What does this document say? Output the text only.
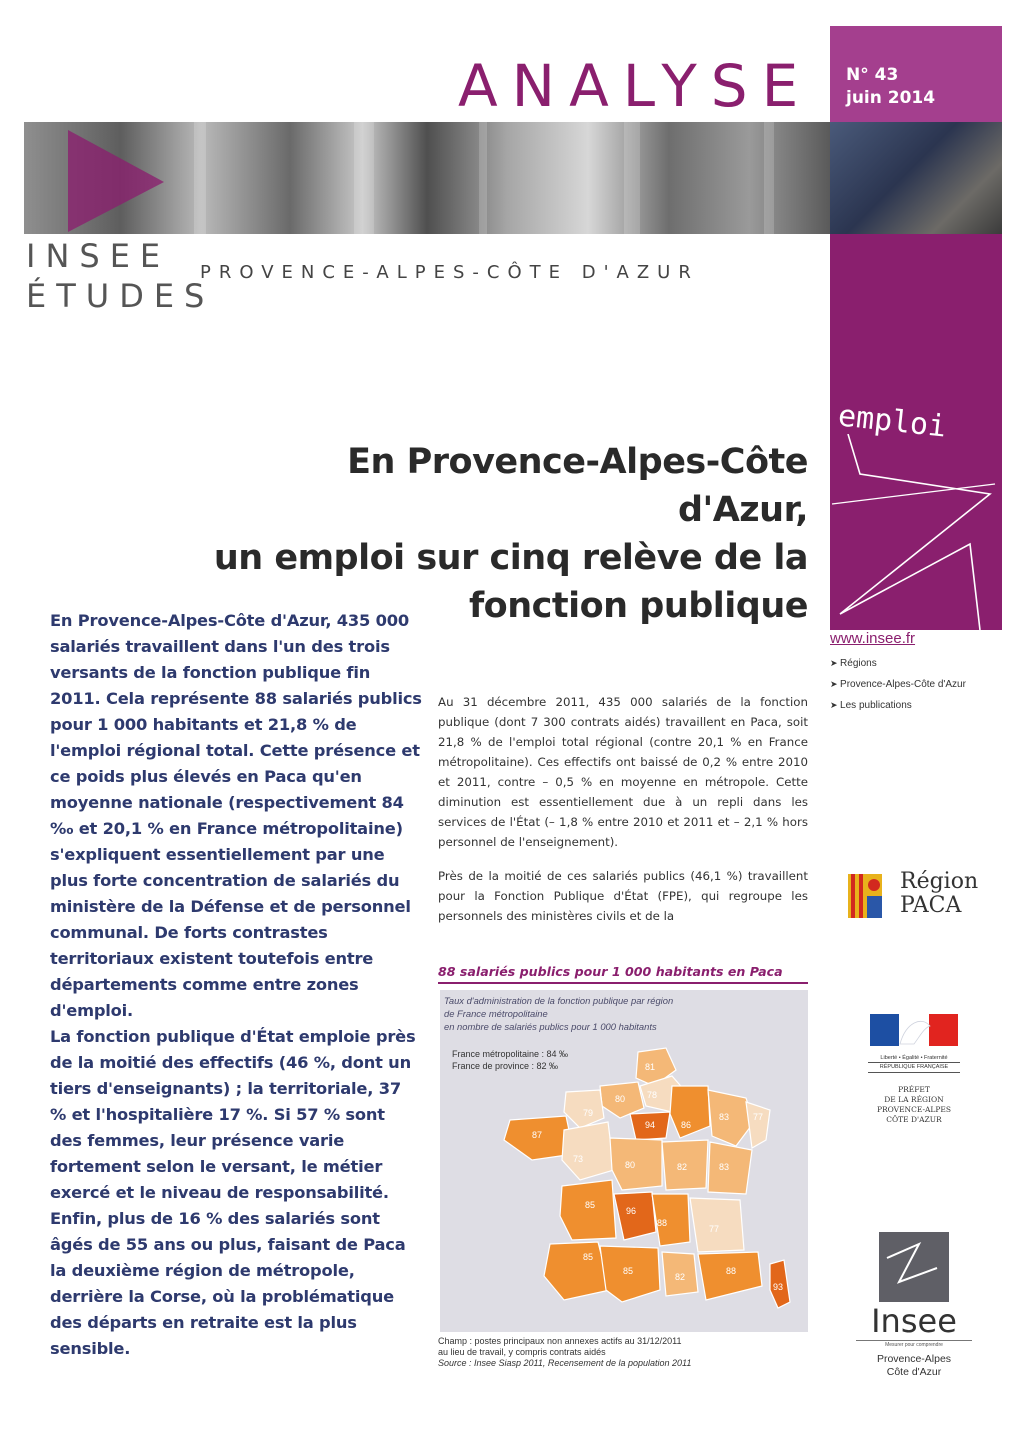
ANALYSE N° 43
juin 2014
INSEE
ÉTUDES
PROVENCE-ALPES-CÔTE D'AZUR
emploi
En Provence-Alpes-Côte d'Azur,
un emploi sur cinq relève de la
fonction publique
www.insee.fr
➤ Régions
➤ Provence-Alpes-Côte d'Azur
➤ Les publications

En Provence-Alpes-Côte d'Azur, 435 000 salariés travaillent dans l'un des trois versants de la fonction publique fin 2011. Cela représente 88 salariés publics pour 1 000 habitants et 21,8 % de l'emploi régional total. Cette présence et ce poids plus élevés en Paca qu'en moyenne nationale (respectivement 84 ‰ et 20,1 % en France métropolitaine) s'expliquent essentiellement par une plus forte concentration de salariés du ministère de la Défense et de personnel communal. De forts contrastes territoriaux existent toutefois entre départements comme entre zones d'emploi.

La fonction publique d'État emploie près de la moitié des effectifs (46 %, dont un tiers d'enseignants) ; la territoriale, 37 % et l'hospitalière 17 %. Si 57 % sont des femmes, leur présence varie fortement selon le versant, le métier exercé et le niveau de responsabilité. Enfin, plus de 16 % des salariés sont âgés de 55 ans ou plus, faisant de Paca la deuxième région de métropole, derrière la Corse, où la problématique des départs en retraite est la plus sensible.

Au 31 décembre 2011, 435 000 salariés de la fonction publique (dont 7 300 contrats aidés) travaillent en Paca, soit 21,8 % de l'emploi total régional (contre 20,1 % en France métropolitaine). Ces effectifs ont baissé de 0,2 % entre 2010 et 2011, contre – 0,5 % en moyenne en métropole. Cette diminution est essentiellement due à un repli dans les services de l'État (– 1,8 % entre 2010 et 2011 et – 2,1 % hors personnel de l'enseignement).

Près de la moitié de ces salariés publics (46,1 %) travaillent pour la Fonction Publique d'État (FPE), qui regroupe les personnels des ministères civils et de la

88 salariés publics pour 1 000 habitants en Paca
Taux d'administration de la fonction publique par région
de France métropolitaine
en nombre de salariés publics pour 1 000 habitants
France métropolitaine : 84 ‰
France de province : 82 ‰	81
78
80
79
94	86
83	77
87
73
80	82	83
85
96
88
77
85
85
82
88
93
Champ : postes principaux non annexes actifs au 31/12/2011
au lieu de travail, y compris contrats aidés
Source : Insee Siasp 2011, Recensement de la population 2011
Région
PACA
Liberté • Égalité • Fraternité
RÉPUBLIQUE FRANÇAISE
PRÉFET
DE LA RÉGION
PROVENCE-ALPES
CÔTE D'AZUR
Insee
Mesurer pour comprendre
Provence-Alpes
Côte d'Azur
